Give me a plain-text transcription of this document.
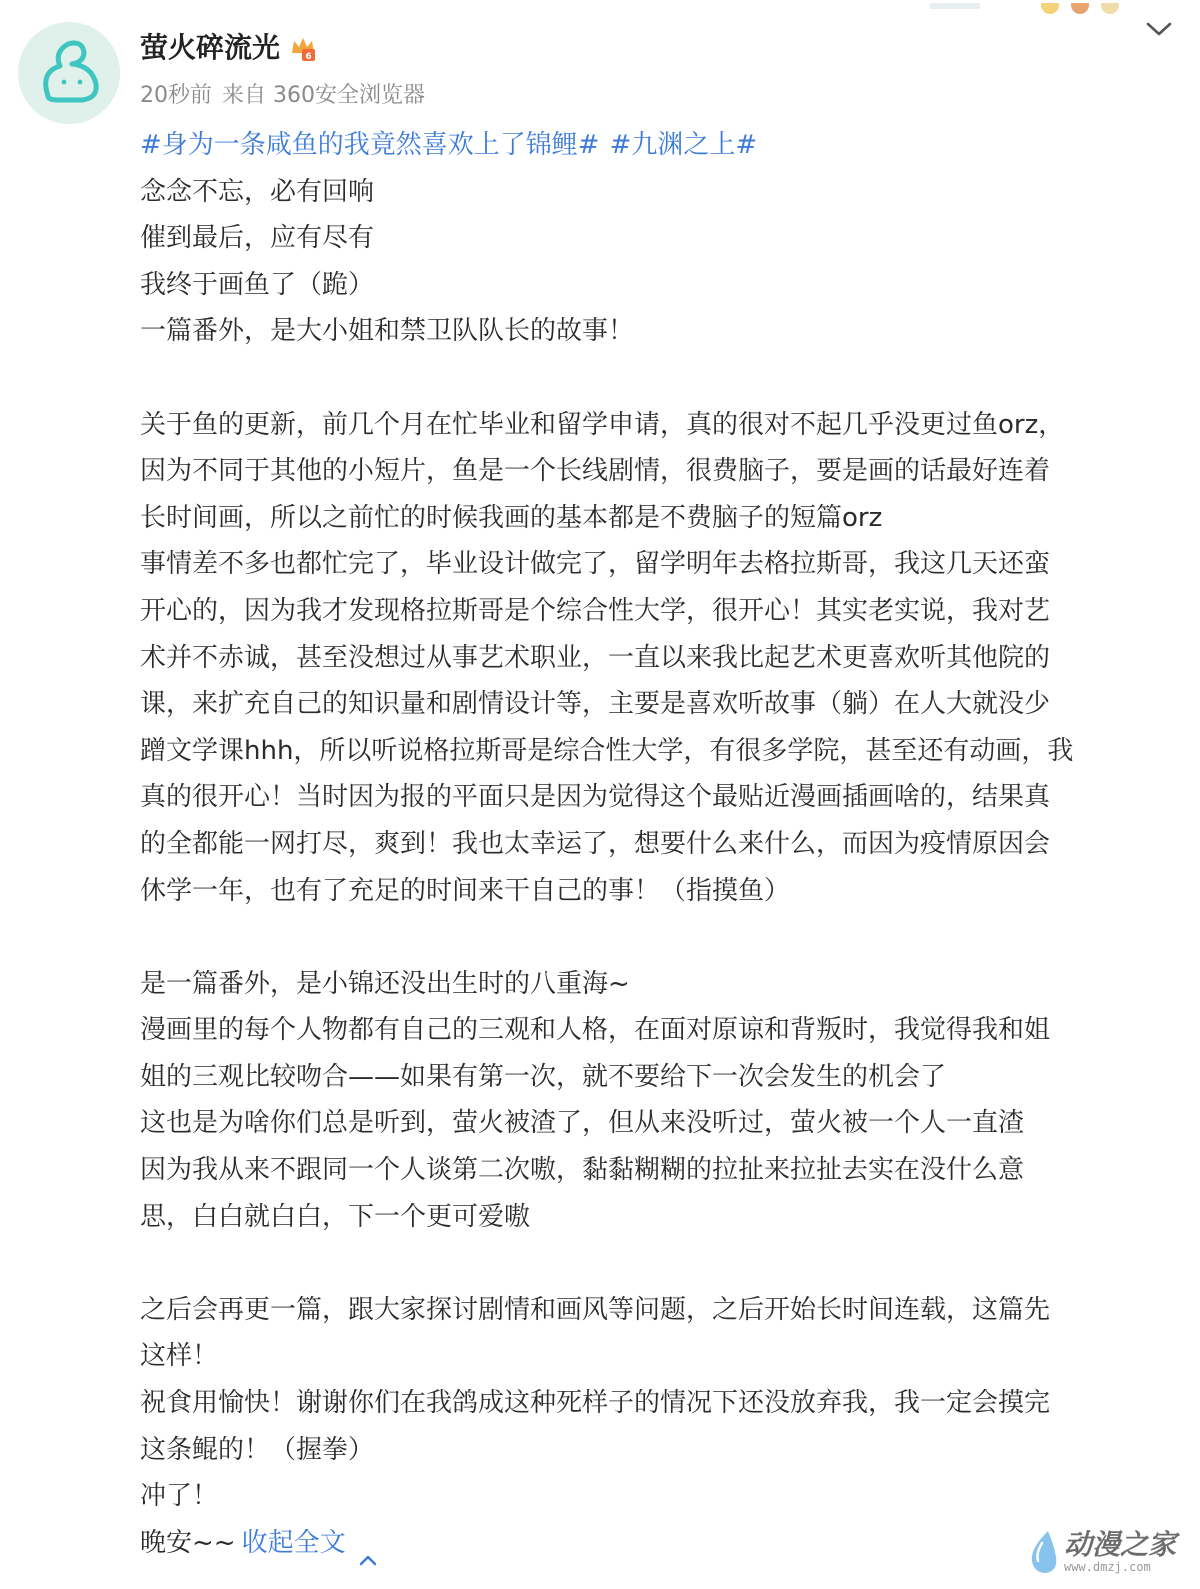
萤火碎流光	6
20秒前 来自 360安全浏览器
#身为一条咸鱼的我竟然喜欢上了锦鲤# #九渊之上#
念念不忘，必有回响
催到最后，应有尽有
我终于画鱼了（跪）
一篇番外，是大小姐和禁卫队队长的故事！
关于鱼的更新，前几个月在忙毕业和留学申请，真的很对不起几乎没更过鱼orz，
因为不同于其他的小短片，鱼是一个长线剧情，很费脑子，要是画的话最好连着
长时间画，所以之前忙的时候我画的基本都是不费脑子的短篇orz
事情差不多也都忙完了，毕业设计做完了，留学明年去格拉斯哥，我这几天还蛮
开心的，因为我才发现格拉斯哥是个综合性大学，很开心！其实老实说，我对艺
术并不赤诚，甚至没想过从事艺术职业，一直以来我比起艺术更喜欢听其他院的
课，来扩充自己的知识量和剧情设计等，主要是喜欢听故事（躺）在人大就没少
蹭文学课hhh，所以听说格拉斯哥是综合性大学，有很多学院，甚至还有动画，我
真的很开心！当时因为报的平面只是因为觉得这个最贴近漫画插画啥的，结果真
的全都能一网打尽，爽到！我也太幸运了，想要什么来什么，而因为疫情原因会
休学一年，也有了充足的时间来干自己的事！（指摸鱼）
是一篇番外，是小锦还没出生时的八重海~
漫画里的每个人物都有自己的三观和人格，在面对原谅和背叛时，我觉得我和姐
姐的三观比较吻合——如果有第一次，就不要给下一次会发生的机会了
这也是为啥你们总是听到，萤火被渣了，但从来没听过，萤火被一个人一直渣
因为我从来不跟同一个人谈第二次嗷，黏黏糊糊的拉扯来拉扯去实在没什么意
思，白白就白白，下一个更可爱嗷
之后会再更一篇，跟大家探讨剧情和画风等问题，之后开始长时间连载，这篇先
这样！
祝食用愉快！谢谢你们在我鸽成这种死样子的情况下还没放弃我，我一定会摸完
这条鲲的！（握拳）
冲了！
晚安~~ 收起全文	动漫之家
www.dmzj.com
